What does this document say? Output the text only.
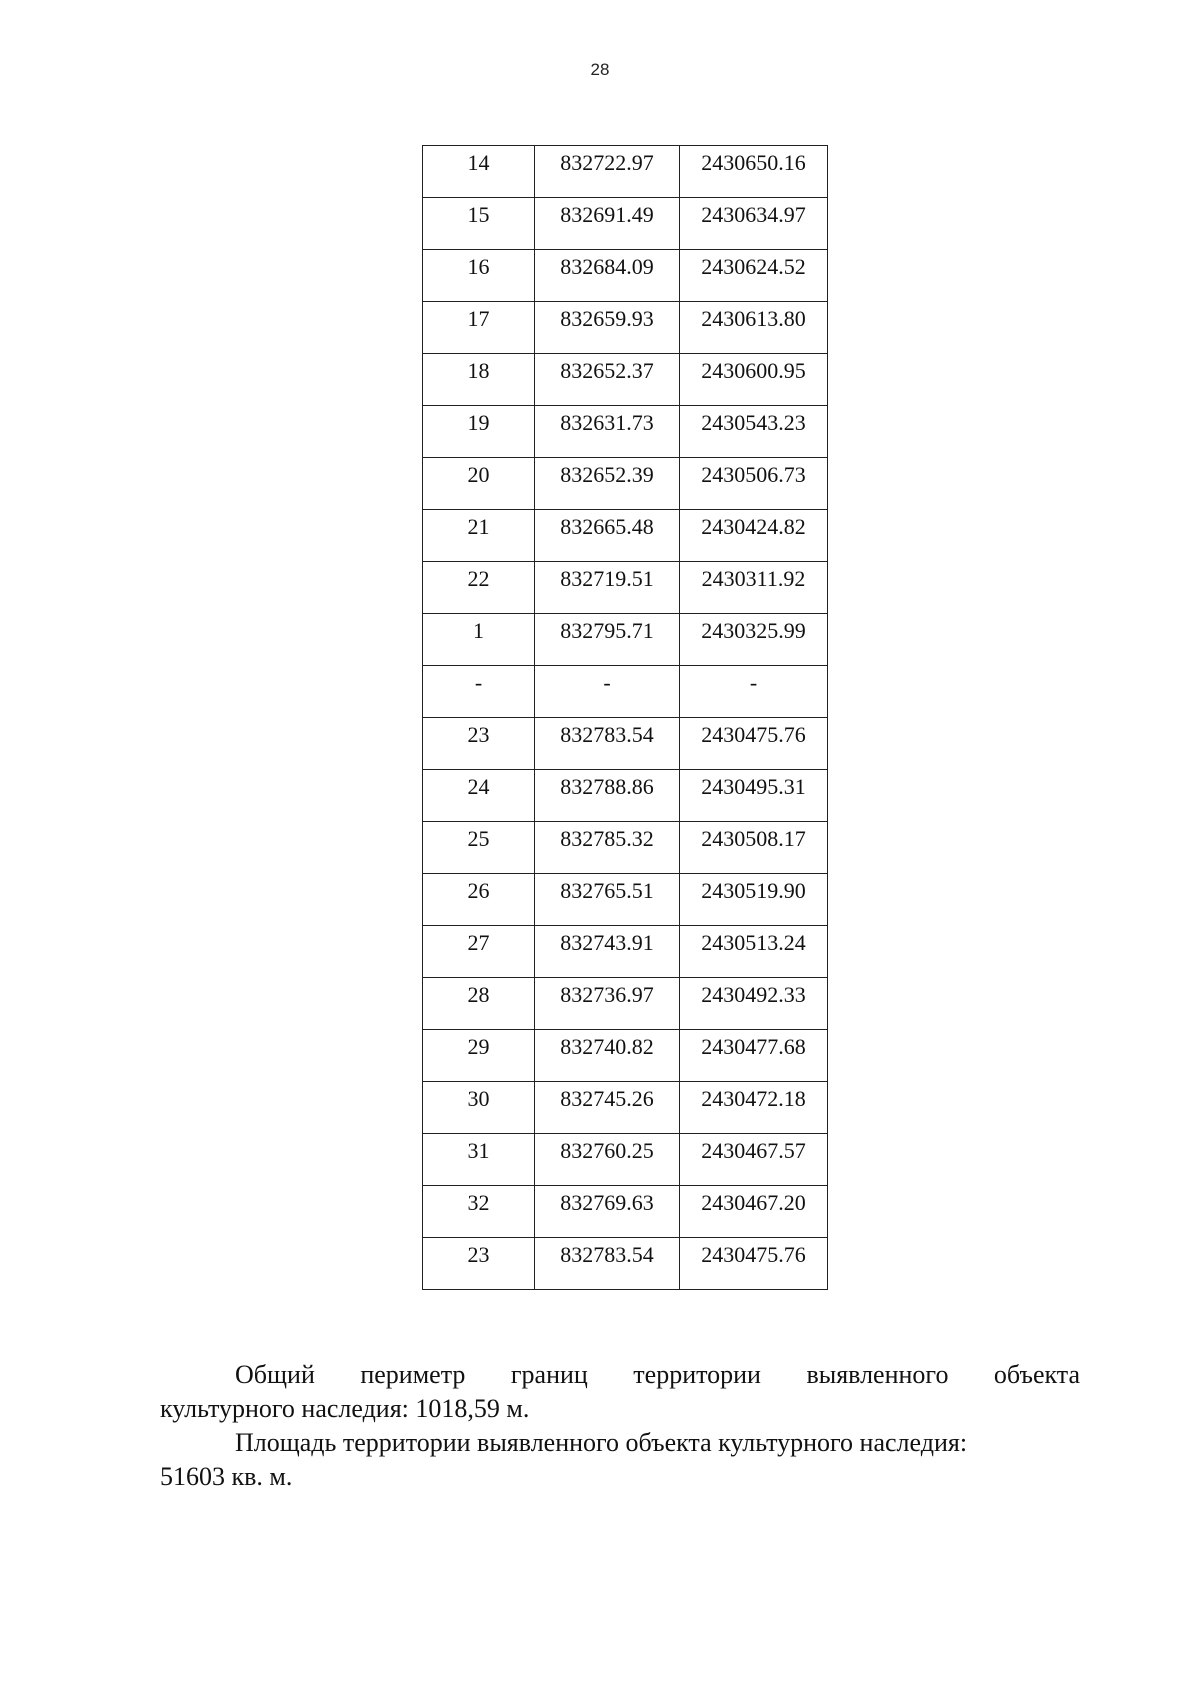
28
14	832722.97	2430650.16
15	832691.49	2430634.97
16	832684.09	2430624.52
17	832659.93	2430613.80
18	832652.37	2430600.95
19	832631.73	2430543.23
20	832652.39	2430506.73
21	832665.48	2430424.82
22	832719.51	2430311.92
1	832795.71	2430325.99
-	-	-
23	832783.54	2430475.76
24	832788.86	2430495.31
25	832785.32	2430508.17
26	832765.51	2430519.90
27	832743.91	2430513.24
28	832736.97	2430492.33
29	832740.82	2430477.68
30	832745.26	2430472.18
31	832760.25	2430467.57
32	832769.63	2430467.20
23	832783.54	2430475.76

Общий периметр границ территории выявленного объекта
культурного наследия: 1018,59 м.

Площадь территории выявленного объекта культурного наследия:
51603 кв. м.
